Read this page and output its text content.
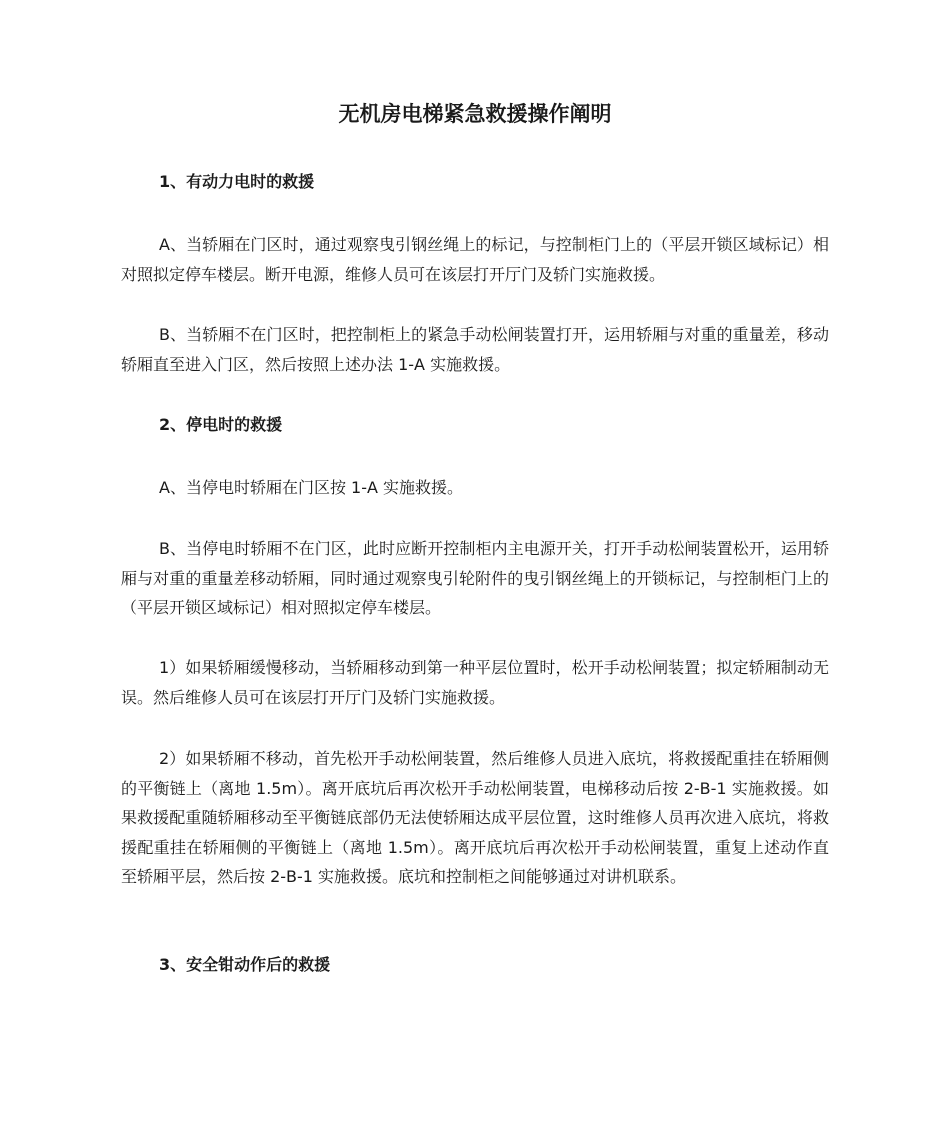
无机房电梯紧急救援操作阐明
1、有动力电时的救援

A、当轿厢在门区时，通过观察曳引钢丝绳上的标记，与控制柜门上的（平层开锁区域标记）相对照拟定停车楼层。断开电源，维修人员可在该层打开厅门及轿门实施救援。

B、当轿厢不在门区时，把控制柜上的紧急手动松闸装置打开，运用轿厢与对重的重量差，移动轿厢直至进入门区，然后按照上述办法 1-A 实施救援。

2、停电时的救援

A、当停电时轿厢在门区按 1-A 实施救援。

B、当停电时轿厢不在门区，此时应断开控制柜内主电源开关，打开手动松闸装置松开，运用轿厢与对重的重量差移动轿厢，同时通过观察曳引轮附件的曳引钢丝绳上的开锁标记，与控制柜门上的（平层开锁区域标记）相对照拟定停车楼层。

1）如果轿厢缓慢移动，当轿厢移动到第一种平层位置时，松开手动松闸装置；拟定轿厢制动无误。然后维修人员可在该层打开厅门及轿门实施救援。

2）如果轿厢不移动，首先松开手动松闸装置，然后维修人员进入底坑，将救援配重挂在轿厢侧的平衡链上（离地 1.5m）。离开底坑后再次松开手动松闸装置，电梯移动后按 2-B-1 实施救援。如果救援配重随轿厢移动至平衡链底部仍无法使轿厢达成平层位置，这时维修人员再次进入底坑，将救援配重挂在轿厢侧的平衡链上（离地 1.5m）。离开底坑后再次松开手动松闸装置，重复上述动作直至轿厢平层，然后按 2-B-1 实施救援。底坑和控制柜之间能够通过对讲机联系。

3、安全钳动作后的救援
